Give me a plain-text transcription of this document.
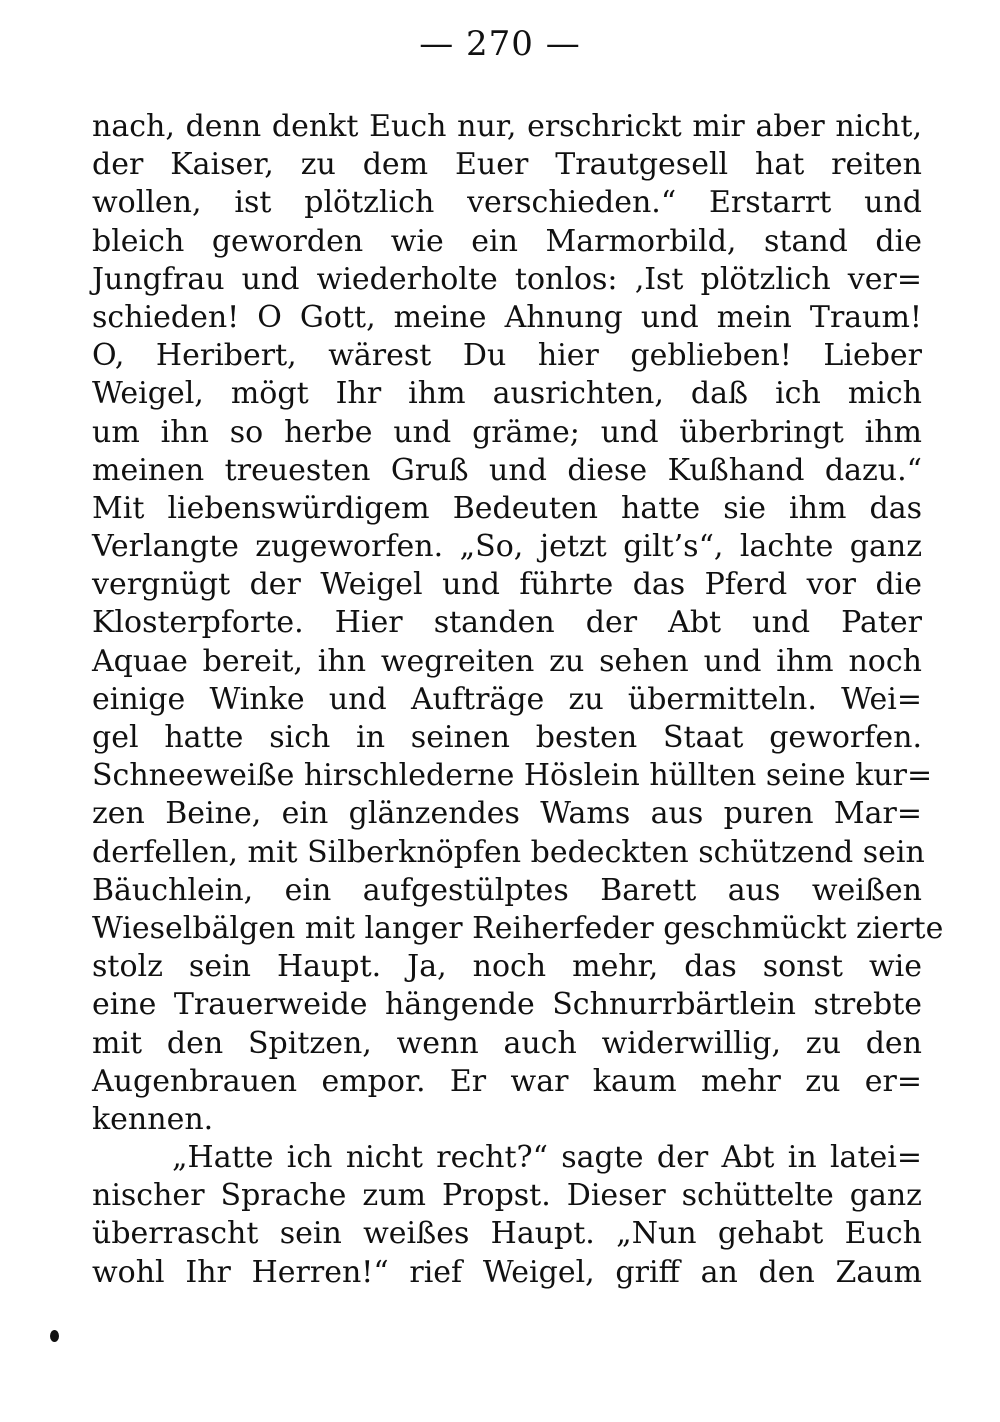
— 270 —
nach, denn denkt Euch nur, erschrickt mir aber nicht,
der Kaiser, zu dem Euer Trautgesell hat reiten
wollen, ist plötzlich verschieden.“ Erstarrt und
bleich geworden wie ein Marmorbild, stand die
Jungfrau und wiederholte tonlos: ‚Ist plötzlich ver=
schieden! O Gott, meine Ahnung und mein Traum!
O, Heribert, wärest Du hier geblieben! Lieber
Weigel, mögt Ihr ihm ausrichten, daß ich mich
um ihn so herbe und gräme; und überbringt ihm
meinen treuesten Gruß und diese Kußhand dazu.“
Mit liebenswürdigem Bedeuten hatte sie ihm das
Verlangte zugeworfen. „So, jetzt gilt’s“, lachte ganz
vergnügt der Weigel und führte das Pferd vor die
Klosterpforte. Hier standen der Abt und Pater
Aquae bereit, ihn wegreiten zu sehen und ihm noch
einige Winke und Aufträge zu übermitteln. Wei=
gel hatte sich in seinen besten Staat geworfen.
Schneeweiße hirschlederne Höslein hüllten seine kur=
zen Beine, ein glänzendes Wams aus puren Mar=
derfellen, mit Silberknöpfen bedeckten schützend sein
Bäuchlein, ein aufgestülptes Barett aus weißen
Wieselbälgen mit langer Reiherfeder geschmückt zierte
stolz sein Haupt. Ja, noch mehr, das sonst wie
eine Trauerweide hängende Schnurrbärtlein strebte
mit den Spitzen, wenn auch widerwillig, zu den
Augenbrauen empor. Er war kaum mehr zu er=
kennen.
„Hatte ich nicht recht?“ sagte der Abt in latei=
nischer Sprache zum Propst. Dieser schüttelte ganz
überrascht sein weißes Haupt. „Nun gehabt Euch
wohl Ihr Herren!“ rief Weigel, griff an den Zaum
